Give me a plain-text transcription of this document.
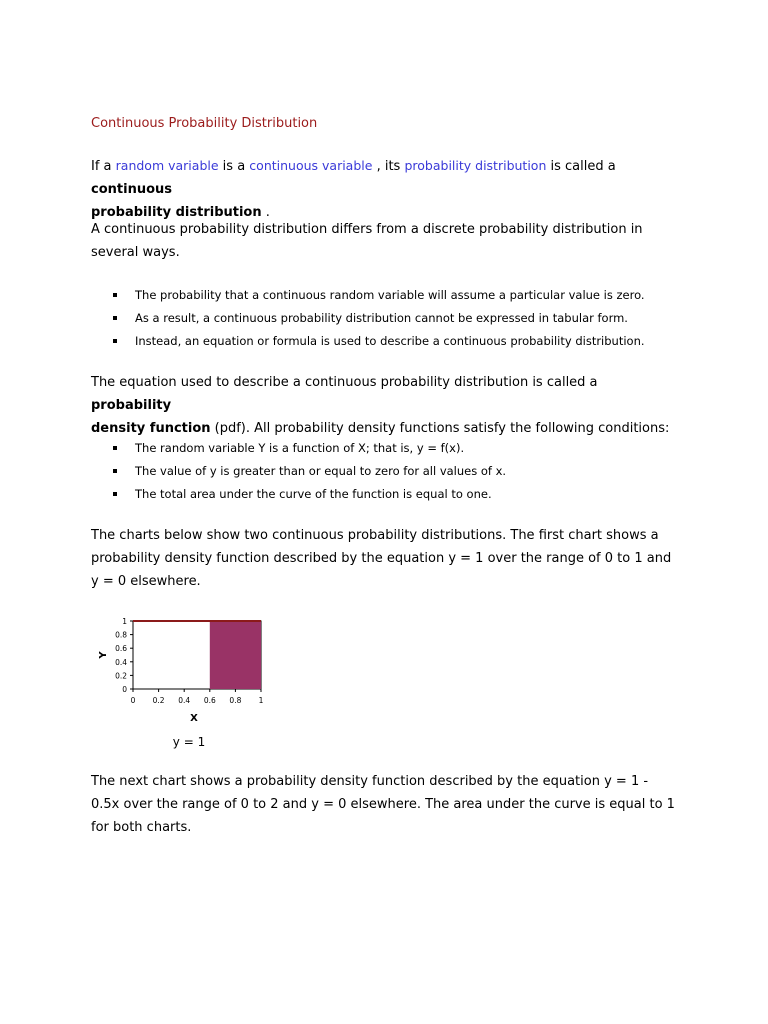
Continuous Probability Distribution
If a random variable is a continuous variable , its probability distribution is called a continuous
probability distribution .
A continuous probability distribution differs from a discrete probability distribution in several ways.
The probability that a continuous random variable will assume a particular value is zero.
As a result, a continuous probability distribution cannot be expressed in tabular form.
Instead, an equation or formula is used to describe a continuous probability distribution.
The equation used to describe a continuous probability distribution is called a probability
density function (pdf). All probability density functions satisfy the following conditions:
The random variable Y is a function of X; that is, y = f(x).
The value of y is greater than or equal to zero for all values of x.
The total area under the curve of the function is equal to one.
The charts below show two continuous probability distributions. The first chart shows a probability density function described by the equation y = 1 over the range of 0 to 1 and y = 0 elsewhere.
The next chart shows a probability density function described by the equation y = 1 - 0.5x over the range of 0 to 2 and y = 0 elsewhere. The area under the curve is equal to 1 for both charts.
0
0.2
0.4
0.6
0.8
1
0 0.2 0.4 0.6 0.8 1
Y
X
y = 1
